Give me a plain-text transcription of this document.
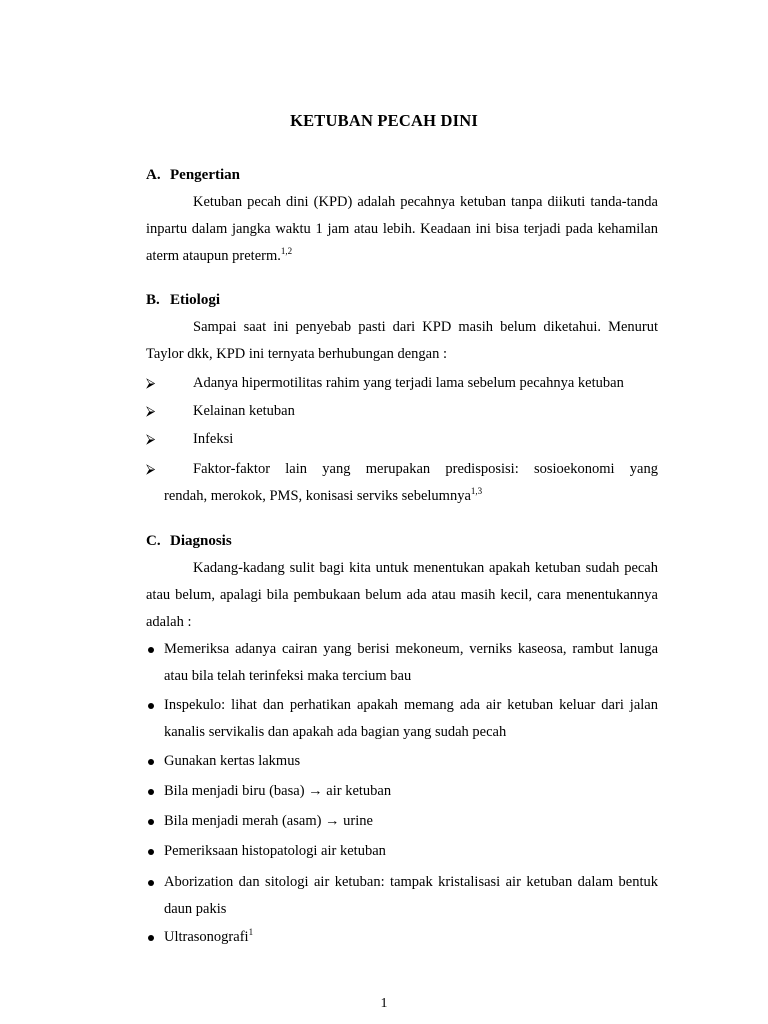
KETUBAN PECAH DINI
A. Pengertian
Ketuban pecah dini (KPD) adalah pecahnya ketuban tanpa diikuti tanda-tanda inpartu dalam jangka waktu 1 jam atau lebih. Keadaan ini bisa terjadi pada kehamilan aterm ataupun preterm.$^{1,2}$
B. Etiologi
Sampai saat ini penyebab pasti dari KPD masih belum diketahui. Menurut Taylor dkk, KPD ini ternyata berhubungan dengan :
⮚	Adanya hipermotilitas rahim yang terjadi lama sebelum pecahnya ketuban
⮚	Kelainan ketuban
⮚	Infeksi
⮚	Faktor-faktor lain yang merupakan predisposisi: sosioekonomi yang
rendah, merokok, PMS, konisasi serviks sebelumnya$^{1,3}$
C. Diagnosis
Kadang-kadang sulit bagi kita untuk menentukan apakah ketuban sudah pecah atau belum, apalagi bila pembukaan belum ada atau masih kecil, cara menentukannya adalah :
Memeriksa adanya cairan yang berisi mekoneum, verniks kaseosa, rambut lanuga atau bila telah terinfeksi maka tercium bau
Inspekulo: lihat dan perhatikan apakah memang ada air ketuban keluar dari jalan kanalis servikalis dan apakah ada bagian yang sudah pecah
Gunakan kertas lakmus
Bila menjadi biru (basa) → air ketuban
Bila menjadi merah (asam) → urine
Pemeriksaan histopatologi air ketuban
Aborization dan sitologi air ketuban: tampak kristalisasi air ketuban dalam bentuk daun pakis
Ultrasonografi$^1$
1
